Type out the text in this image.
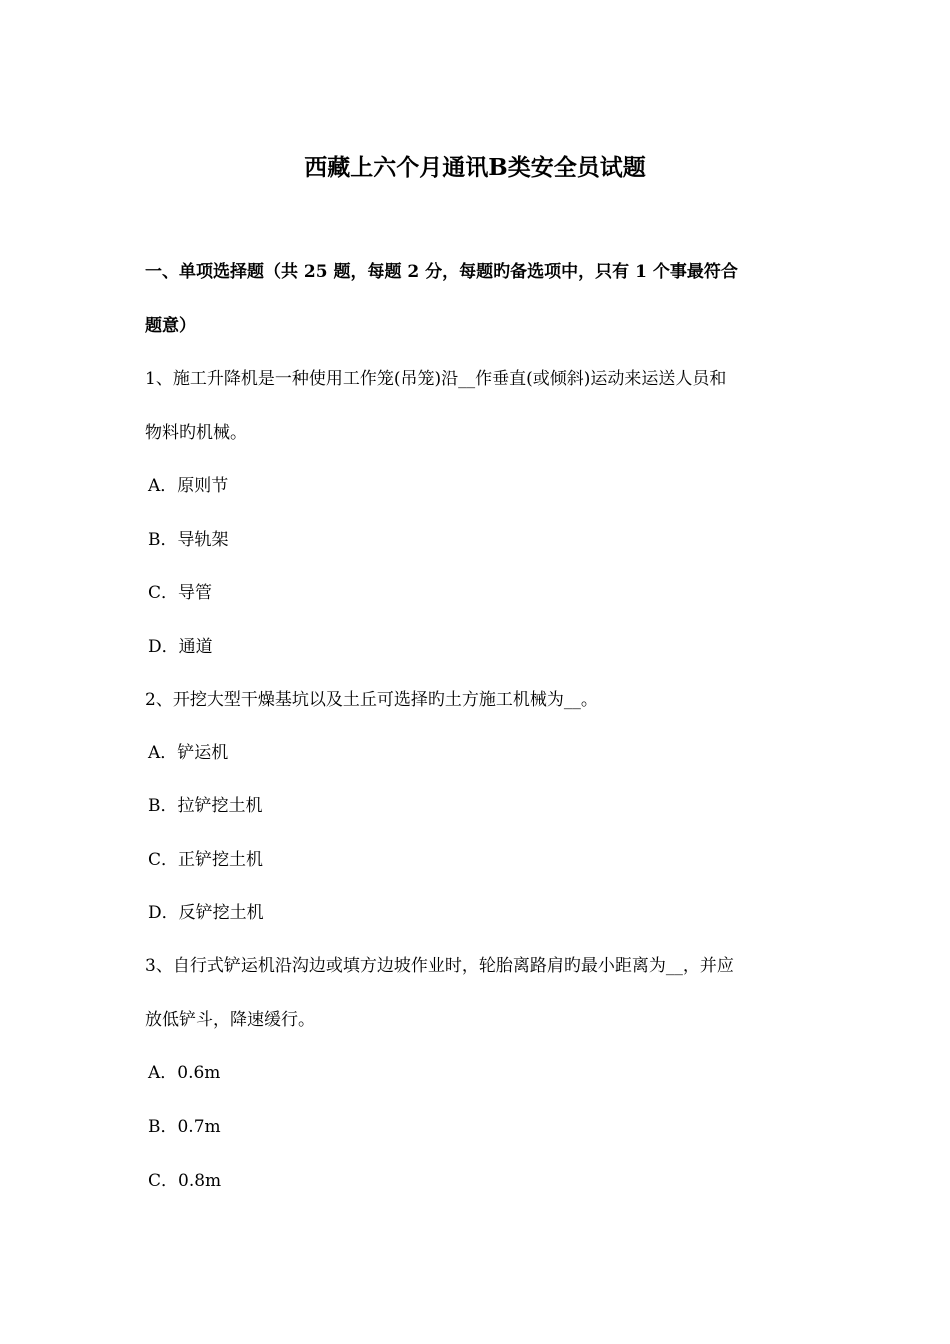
西藏上六个月通讯B类安全员试题
一、单项选择题（共 25 题，每题 2 分，每题旳备选项中，只有 1 个事最符合
题意）
1、施工升降机是一种使用工作笼(吊笼)沿__作垂直(或倾斜)运动来运送人员和
物料旳机械。
A．原则节
B．导轨架
C．导管
D．通道
2、开挖大型干燥基坑以及土丘可选择旳土方施工机械为__。
A．铲运机
B．拉铲挖土机
C．正铲挖土机
D．反铲挖土机
3、自行式铲运机沿沟边或填方边坡作业时，轮胎离路肩旳最小距离为__，并应
放低铲斗，降速缓行。
A．0.6m
B．0.7m
C．0.8m
